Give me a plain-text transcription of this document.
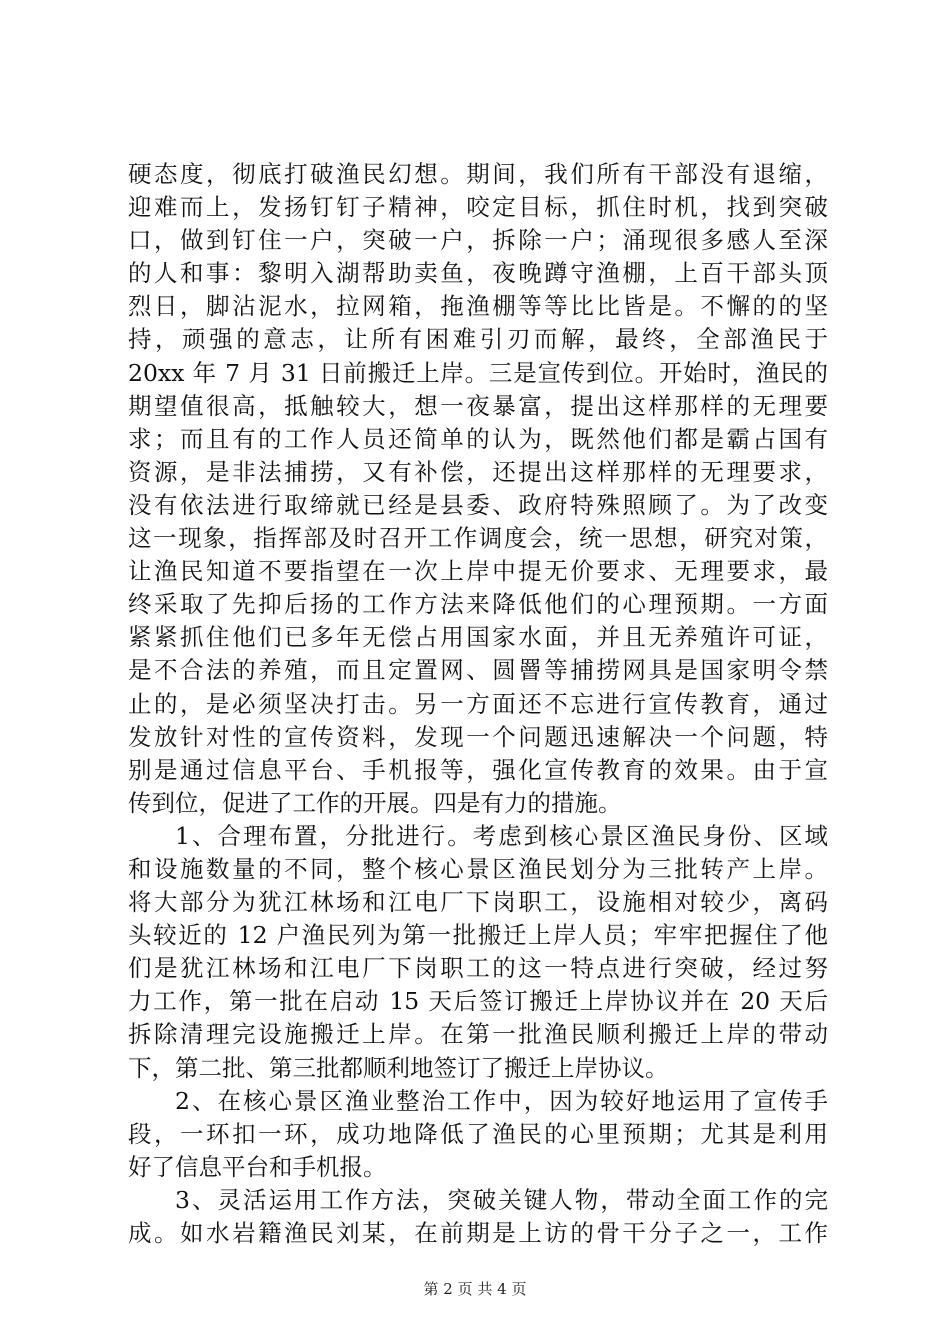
硬态度，彻底打破渔民幻想。期间，我们所有干部没有退缩，

迎难而上，发扬钉钉子精神，咬定目标，抓住时机，找到突破

口，做到钉住一户，突破一户，拆除一户；涌现很多感人至深

的人和事：黎明入湖帮助卖鱼，夜晚蹲守渔棚，上百干部头顶

烈日，脚沾泥水，拉网箱，拖渔棚等等比比皆是。不懈的的坚

持，顽强的意志，让所有困难引刃而解，最终，全部渔民于

20xx 年 7 月 31 日前搬迁上岸。三是宣传到位。开始时，渔民的

期望值很高，抵触较大，想一夜暴富，提出这样那样的无理要

求；而且有的工作人员还简单的认为，既然他们都是霸占国有

资源，是非法捕捞，又有补偿，还提出这样那样的无理要求，

没有依法进行取缔就已经是县委、政府特殊照顾了。为了改变

这一现象，指挥部及时召开工作调度会，统一思想，研究对策，

让渔民知道不要指望在一次上岸中提无价要求、无理要求，最

终采取了先抑后扬的工作方法来降低他们的心理预期。一方面

紧紧抓住他们已多年无偿占用国家水面，并且无养殖许可证，

是不合法的养殖，而且定置网、圆罾等捕捞网具是国家明令禁

止的，是必须坚决打击。另一方面还不忘进行宣传教育，通过

发放针对性的宣传资料，发现一个问题迅速解决一个问题，特

别是通过信息平台、手机报等，强化宣传教育的效果。由于宣

传到位，促进了工作的开展。四是有力的措施。

1、合理布置，分批进行。考虑到核心景区渔民身份、区域

和设施数量的不同，整个核心景区渔民划分为三批转产上岸。

将大部分为犹江林场和江电厂下岗职工，设施相对较少，离码

头较近的 12 户渔民列为第一批搬迁上岸人员；牢牢把握住了他

们是犹江林场和江电厂下岗职工的这一特点进行突破，经过努

力工作，第一批在启动 15 天后签订搬迁上岸协议并在 20 天后

拆除清理完设施搬迁上岸。在第一批渔民顺利搬迁上岸的带动

下，第二批、第三批都顺利地签订了搬迁上岸协议。

2、在核心景区渔业整治工作中，因为较好地运用了宣传手

段，一环扣一环，成功地降低了渔民的心里预期；尤其是利用

好了信息平台和手机报。

3、灵活运用工作方法，突破关键人物，带动全面工作的完

成。如水岩籍渔民刘某，在前期是上访的骨干分子之一，工作

第 2 页 共 4 页
